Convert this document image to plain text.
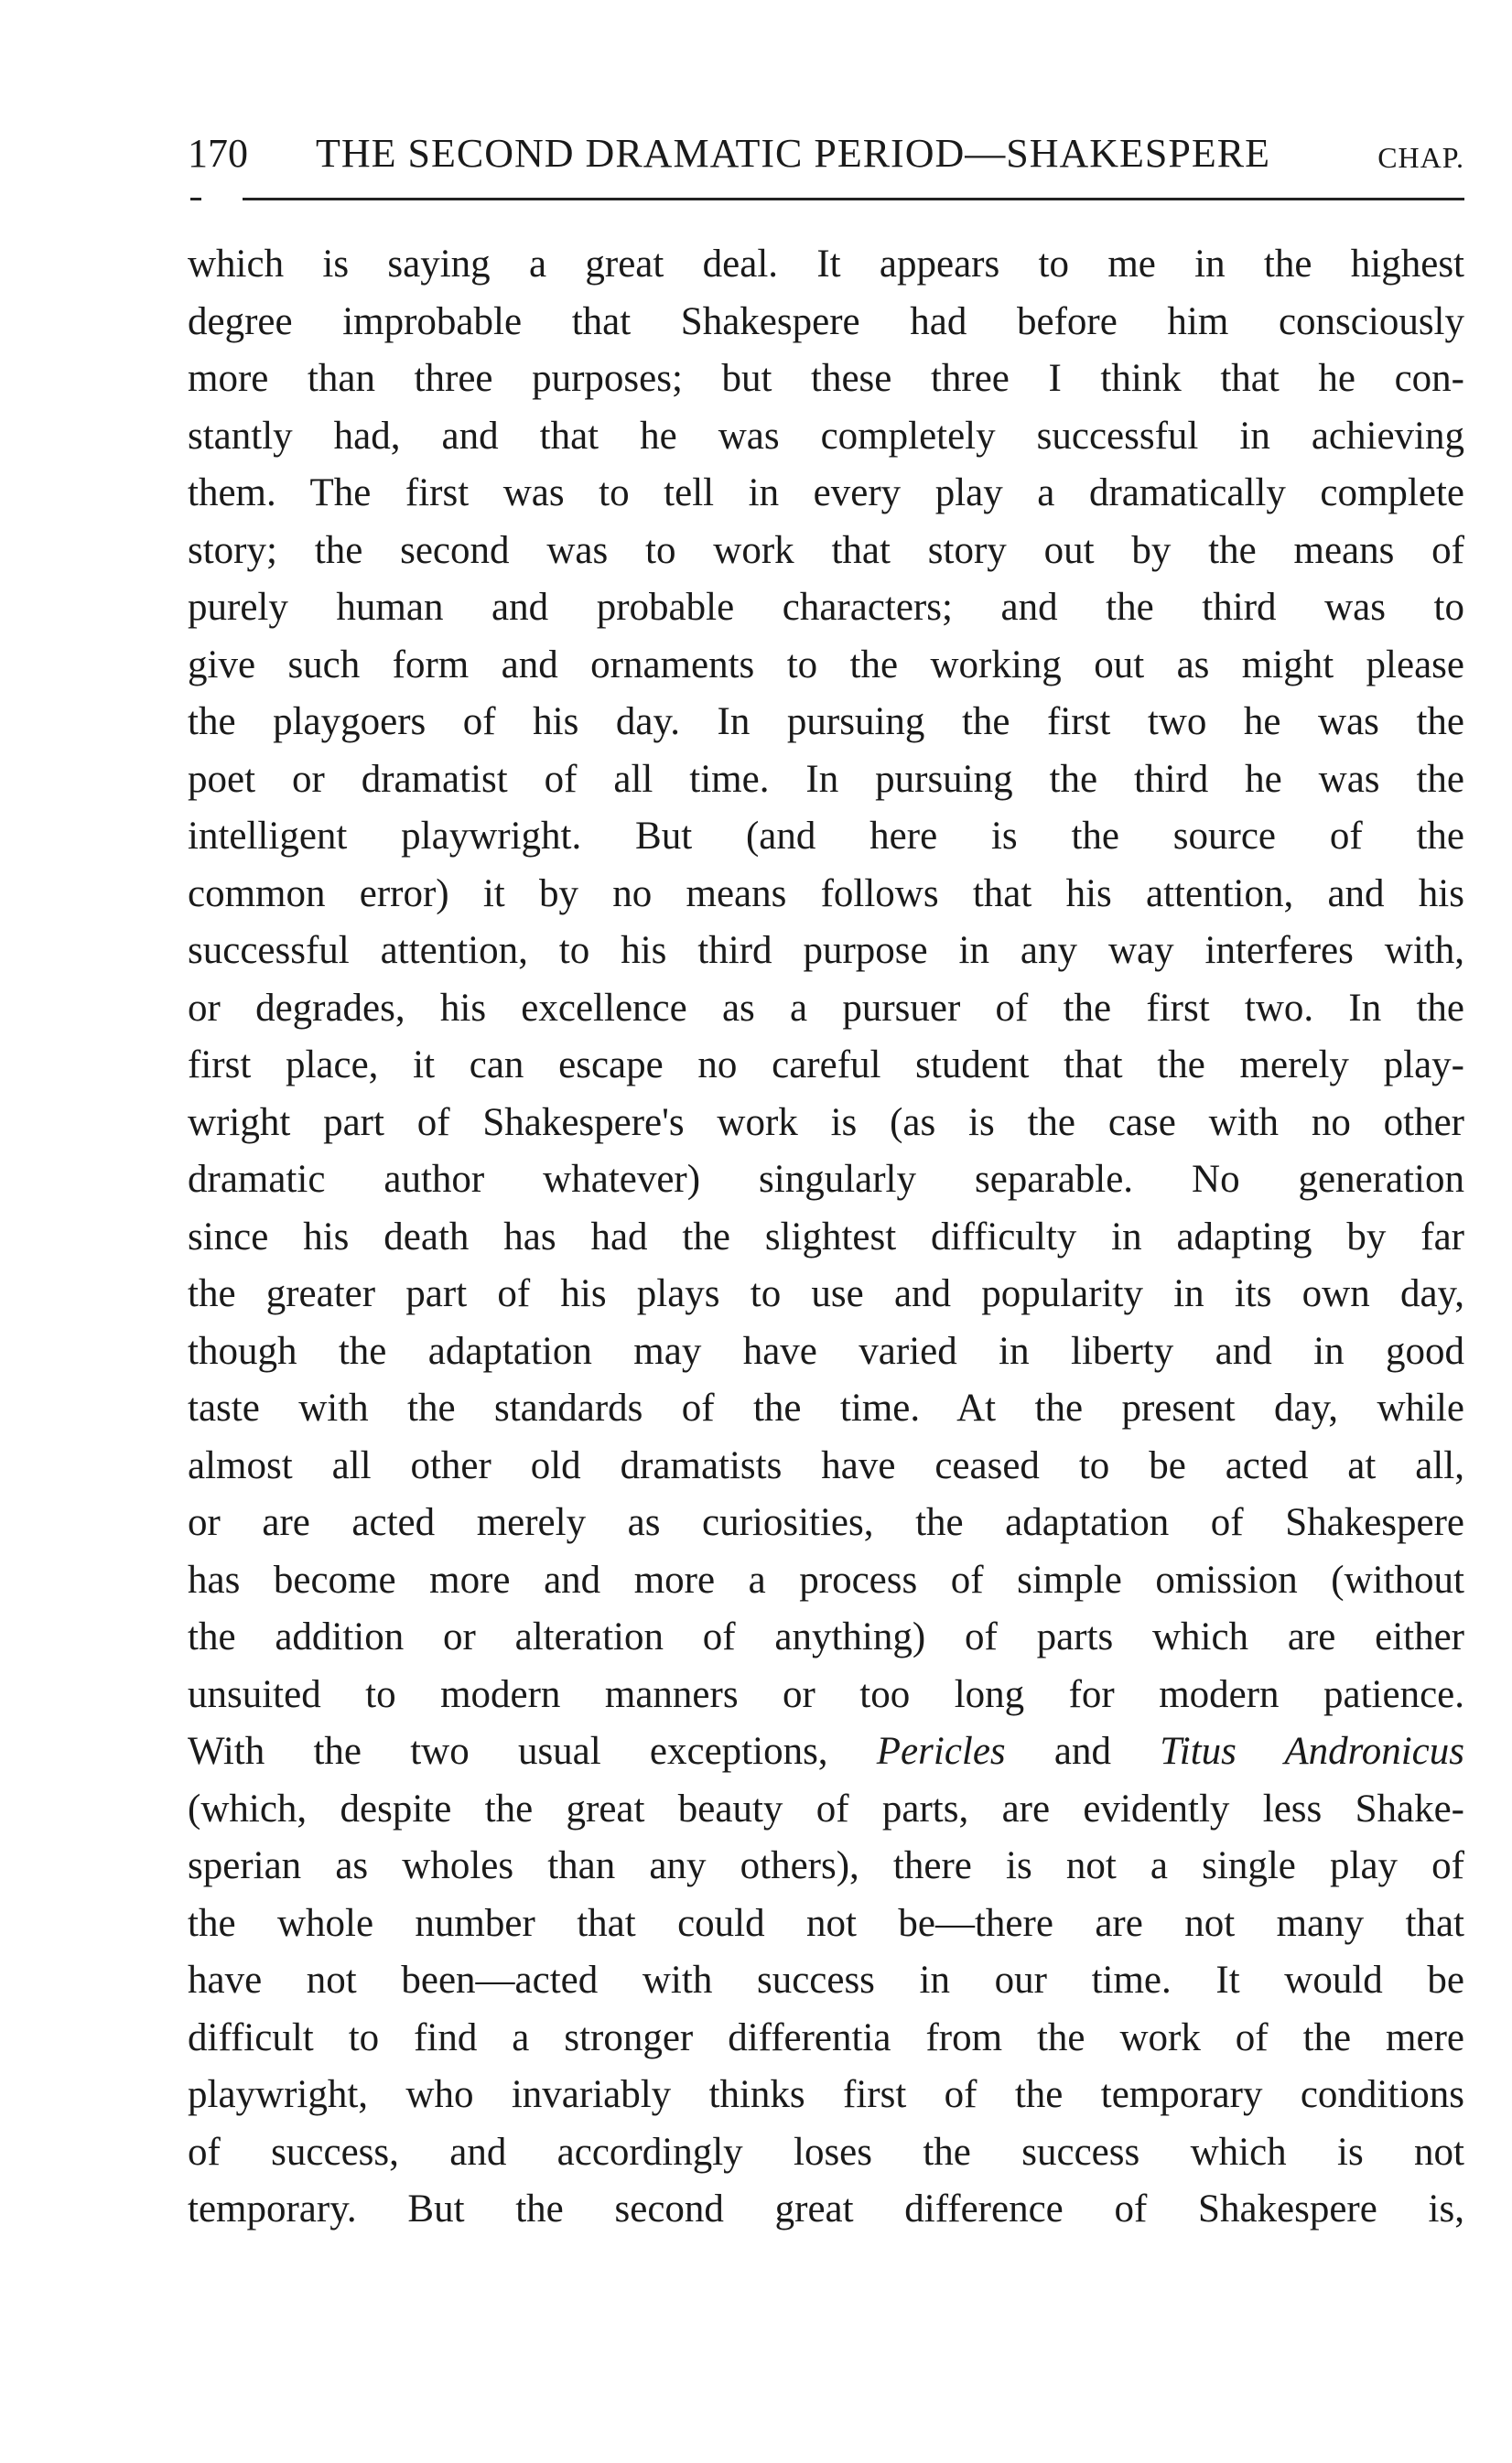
170 THE SECOND DRAMATIC PERIOD—SHAKESPERE	CHAP.
which is saying a great deal. It appears to me in the highest
degree improbable that Shakespere had before him consciously
more than three purposes; but these three I think that he con-
stantly had, and that he was completely successful in achieving
them. The first was to tell in every play a dramatically complete
story; the second was to work that story out by the means of
purely human and probable characters; and the third was to
give such form and ornaments to the working out as might please
the playgoers of his day. In pursuing the first two he was the
poet or dramatist of all time. In pursuing the third he was the
intelligent playwright. But (and here is the source of the
common error) it by no means follows that his attention, and his
successful attention, to his third purpose in any way interferes with,
or degrades, his excellence as a pursuer of the first two. In the
first place, it can escape no careful student that the merely play-
wright part of Shakespere's work is (as is the case with no other
dramatic author whatever) singularly separable. No generation
since his death has had the slightest difficulty in adapting by far
the greater part of his plays to use and popularity in its own day,
though the adaptation may have varied in liberty and in good
taste with the standards of the time. At the present day, while
almost all other old dramatists have ceased to be acted at all,
or are acted merely as curiosities, the adaptation of Shakespere
has become more and more a process of simple omission (without
the addition or alteration of anything) of parts which are either
unsuited to modern manners or too long for modern patience.
With the two usual exceptions, Pericles and Titus Andronicus
(which, despite the great beauty of parts, are evidently less Shake-
sperian as wholes than any others), there is not a single play of
the whole number that could not be—there are not many that
have not been—acted with success in our time. It would be
difficult to find a stronger differentia from the work of the mere
playwright, who invariably thinks first of the temporary conditions
of success, and accordingly loses the success which is not
temporary. But the second great difference of Shakespere is,
